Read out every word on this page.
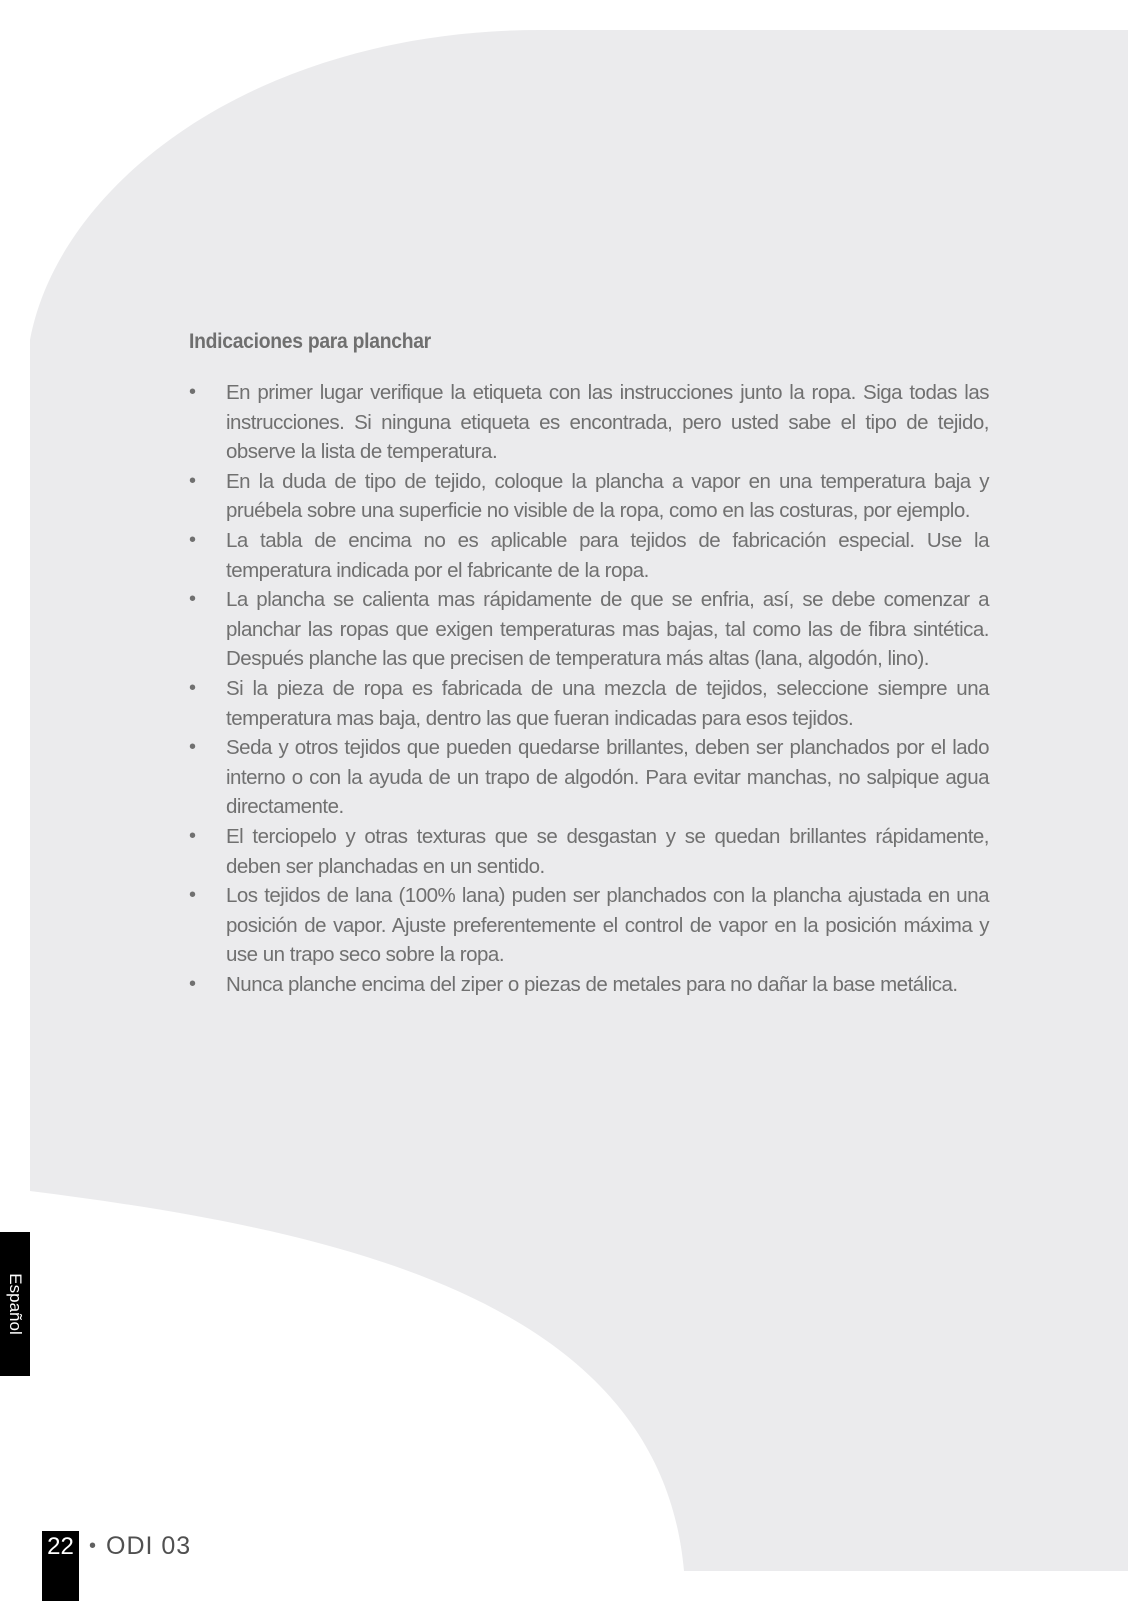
Indicaciones para planchar
• En primer lugar verifique la etiqueta con las instrucciones junto la ropa. Siga todas las instrucciones. Si ninguna etiqueta es encontrada, pero usted sabe el tipo de tejido, observe la lista de temperatura.
• En la duda de tipo de tejido, coloque la plancha a vapor en una temperatura baja y pruébela sobre una superficie no visible de la ropa, como en las costuras, por ejemplo.
• La tabla de encima no es aplicable para tejidos de fabricación especial. Use la temperatura indicada por el fabricante de la ropa.
• La plancha se calienta mas rápidamente de que se enfria, así, se debe comenzar a planchar las ropas que exigen temperaturas mas bajas, tal como las de fibra sintética. Después planche las que precisen de temperatura más altas (lana, algodón, lino).
• Si la pieza de ropa es fabricada de una mezcla de tejidos, seleccione siempre una temperatura mas baja, dentro las que fueran indicadas para esos tejidos.
• Seda y otros tejidos que pueden quedarse brillantes, deben ser planchados por el lado interno o con la ayuda de un trapo de algodón. Para evitar manchas, no salpique agua directamente.
• El terciopelo y otras texturas que se desgastan y se quedan brillantes rápidamente, deben ser planchadas en un sentido.
• Los tejidos de lana (100% lana) puden ser planchados con la plancha ajustada en una posición de vapor. Ajuste preferentemente el control de vapor en la posición máxima y use un trapo seco sobre la ropa.
• Nunca planche encima del ziper o piezas de metales para no dañar la base metálica.
Español
22 • ODI 03
